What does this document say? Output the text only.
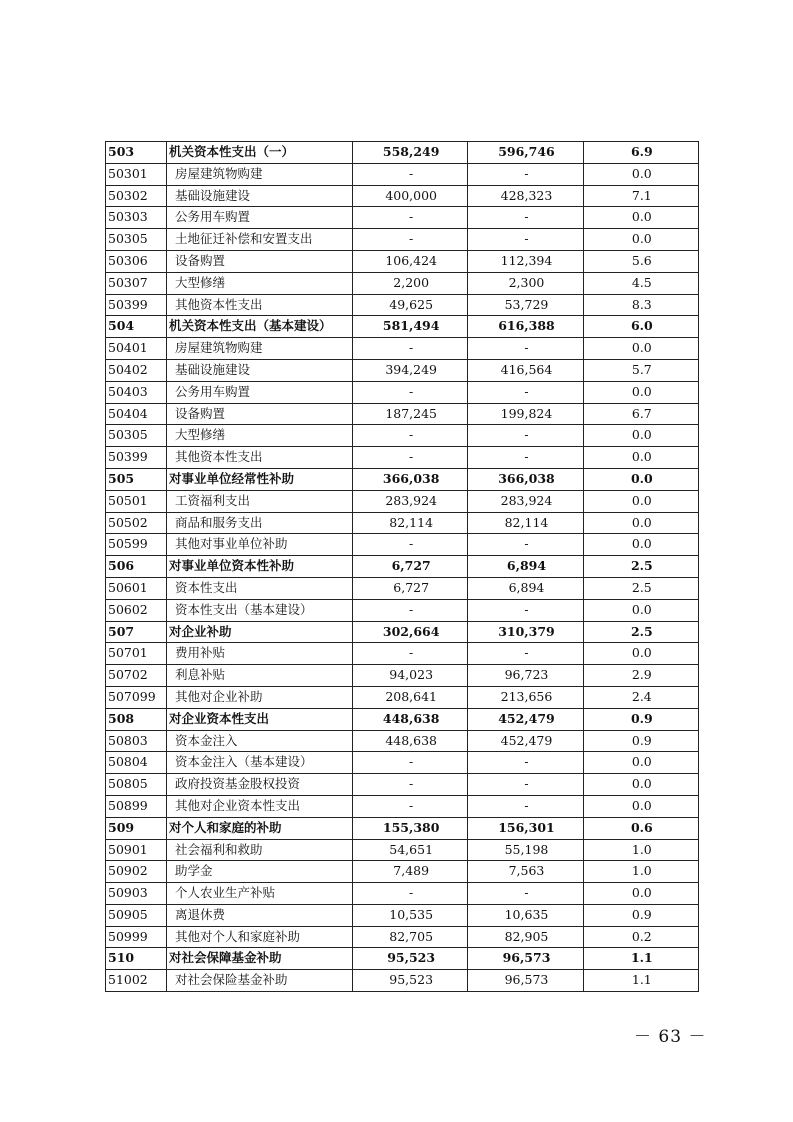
503	机关资本性支出（一）	558,249	596,746	6.9
50301	房屋建筑物购建	-	-	0.0
50302	基础设施建设	400,000	428,323	7.1
50303	公务用车购置	-	-	0.0
50305	土地征迁补偿和安置支出	-	-	0.0
50306	设备购置	106,424	112,394	5.6
50307	大型修缮	2,200	2,300	4.5
50399	其他资本性支出	49,625	53,729	8.3
504	机关资本性支出（基本建设）	581,494	616,388	6.0
50401	房屋建筑物购建	-	-	0.0
50402	基础设施建设	394,249	416,564	5.7
50403	公务用车购置	-	-	0.0
50404	设备购置	187,245	199,824	6.7
50305	大型修缮	-	-	0.0
50399	其他资本性支出	-	-	0.0
505	对事业单位经常性补助	366,038	366,038	0.0
50501	工资福利支出	283,924	283,924	0.0
50502	商品和服务支出	82,114	82,114	0.0
50599	其他对事业单位补助	-	-	0.0
506	对事业单位资本性补助	6,727	6,894	2.5
50601	资本性支出	6,727	6,894	2.5
50602	资本性支出（基本建设）	-	-	0.0
507	对企业补助	302,664	310,379	2.5
50701	费用补贴	-	-	0.0
50702	利息补贴	94,023	96,723	2.9
507099	其他对企业补助	208,641	213,656	2.4
508	对企业资本性支出	448,638	452,479	0.9
50803	资本金注入	448,638	452,479	0.9
50804	资本金注入（基本建设）	-	-	0.0
50805	政府投资基金股权投资	-	-	0.0
50899	其他对企业资本性支出	-	-	0.0
509	对个人和家庭的补助	155,380	156,301	0.6
50901	社会福利和救助	54,651	55,198	1.0
50902	助学金	7,489	7,563	1.0
50903	个人农业生产补贴	-	-	0.0
50905	离退休费	10,535	10,635	0.9
50999	其他对个人和家庭补助	82,705	82,905	0.2
510	对社会保障基金补助	95,523	96,573	1.1
51002	对社会保险基金补助	95,523	96,573	1.1
－ 63 －
